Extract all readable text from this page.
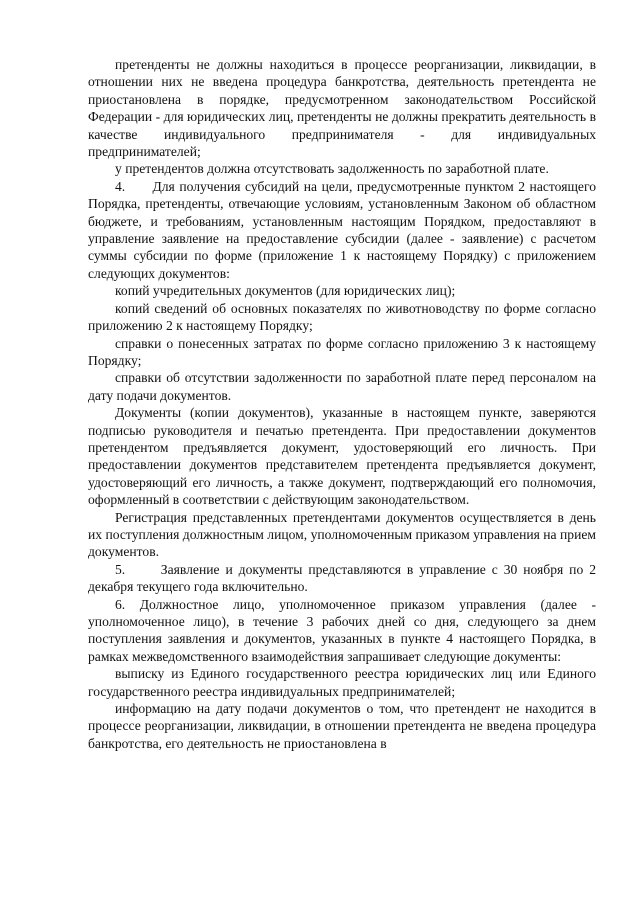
претенденты не должны находиться в процессе реорганизации, ликвидации, в отношении них не введена процедура банкротства, деятельность претендента не приостановлена в порядке, предусмотренном законодательством Российской Федерации - для юридических лиц, претенденты не должны прекратить деятельность в качестве индивидуального предпринимателя - для индивидуальных предпринимателей;

у претендентов должна отсутствовать задолженность по заработной плате.

4.      Для получения субсидий на цели, предусмотренные пунктом 2 настоящего Порядка, претенденты, отвечающие условиям, установленным Законом об областном бюджете, и требованиям, установленным настоящим Порядком, предоставляют в управление заявление на предоставление субсидии (далее - заявление) с расчетом суммы субсидии по форме (приложение 1 к настоящему Порядку) с приложением следующих документов:

копий учредительных документов (для юридических лиц);

копий сведений об основных показателях по животноводству по форме согласно приложению 2 к настоящему Порядку;

справки о понесенных затратах по форме согласно приложению 3 к настоящему Порядку;

справки об отсутствии задолженности по заработной плате перед персоналом на дату подачи документов.

Документы (копии документов), указанные в настоящем пункте, заверяются подписью руководителя и печатью претендента. При предоставлении документов претендентом предъявляется документ, удостоверяющий его личность. При предоставлении документов представителем претендента предъявляется документ, удостоверяющий его личность, а также документ, подтверждающий его полномочия, оформленный в соответствии с действующим законодательством.

Регистрация представленных претендентами документов осуществляется в день их поступления должностным лицом, уполномоченным приказом управления на прием документов.

5.      Заявление и документы представляются в управление с 30 ноября по 2 декабря текущего года включительно.

6. Должностное лицо, уполномоченное приказом управления (далее - уполномоченное лицо), в течение 3 рабочих дней со дня, следующего за днем поступления заявления и документов, указанных в пункте 4 настоящего Порядка, в рамках межведомственного взаимодействия запрашивает следующие документы:

выписку из Единого государственного реестра юридических лиц или Единого государственного реестра индивидуальных предпринимателей;

информацию на дату подачи документов о том, что претендент не находится в процессе реорганизации, ликвидации, в отношении претендента не введена процедура банкротства, его деятельность не приостановлена в
